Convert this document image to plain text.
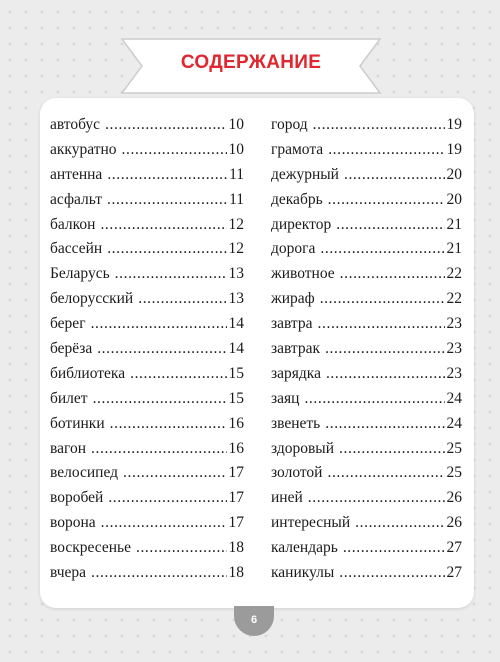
СОДЕРЖАНИЕ
автобус .....	10
аккуратно .....	10
антенна .....	11
асфальт .....	11
балкон .....	12
бассейн .....	12
Беларусь .....	13
белорусский .....	13
берег .....	14
берёза .....	14
библиотека .....	15
билет .....	15
ботинки .....	16
вагон .....	16
велосипед .....	17
воробей .....	17
ворона .....	17
воскресенье .....	18
вчера .....	18
город .....	19
грамота .....	19
дежурный .....	20
декабрь .....	20
директор .....	21
дорога .....	21
животное .....	22
жираф .....	22
завтра .....	23
завтрак .....	23
зарядка .....	23
заяц .....	24
звенеть .....	24
здоровый .....	25
золотой .....	25
иней .....	26
интересный .....	26
календарь .....	27
каникулы .....	27
6
